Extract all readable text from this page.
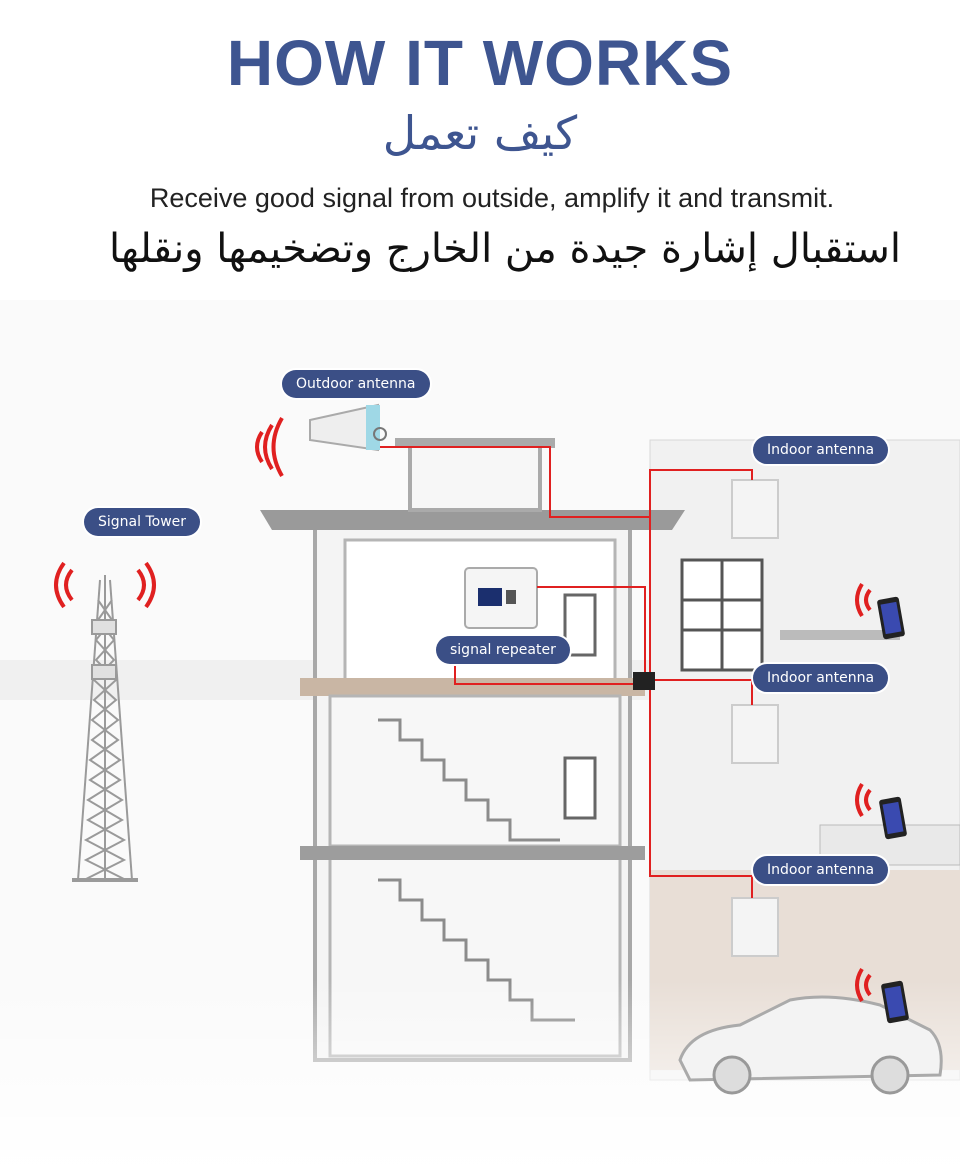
HOW IT WORKS
كيف تعمل
Receive good signal from outside, amplify it and transmit.
استقبال إشارة جيدة من الخارج وتضخيمها ونقلها
Outdoor antenna
Signal Tower
signal repeater
Indoor antenna
Indoor antenna
Indoor antenna
